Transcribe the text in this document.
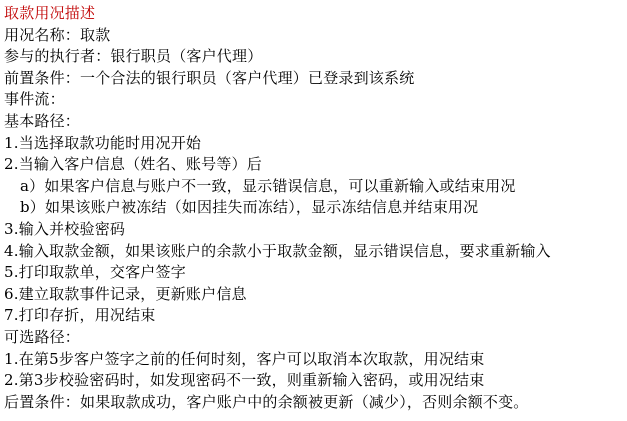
取款用况描述
用况名称：取款
参与的执行者：银行职员（客户代理）
前置条件：一个合法的银行职员（客户代理）已登录到该系统
事件流：
基本路径：
1.当选择取款功能时用况开始
2.当输入客户信息（姓名、账号等）后
a）如果客户信息与账户不一致，显示错误信息，可以重新输入或结束用况
b）如果该账户被冻结（如因挂失而冻结），显示冻结信息并结束用况
3.输入并校验密码
4.输入取款金额，如果该账户的余款小于取款金额，显示错误信息，要求重新输入
5.打印取款单，交客户签字
6.建立取款事件记录，更新账户信息
7.打印存折，用况结束
可选路径：
1.在第5步客户签字之前的任何时刻，客户可以取消本次取款，用况结束
2.第3步校验密码时，如发现密码不一致，则重新输入密码，或用况结束
后置条件：如果取款成功，客户账户中的余额被更新（减少），否则余额不变。
